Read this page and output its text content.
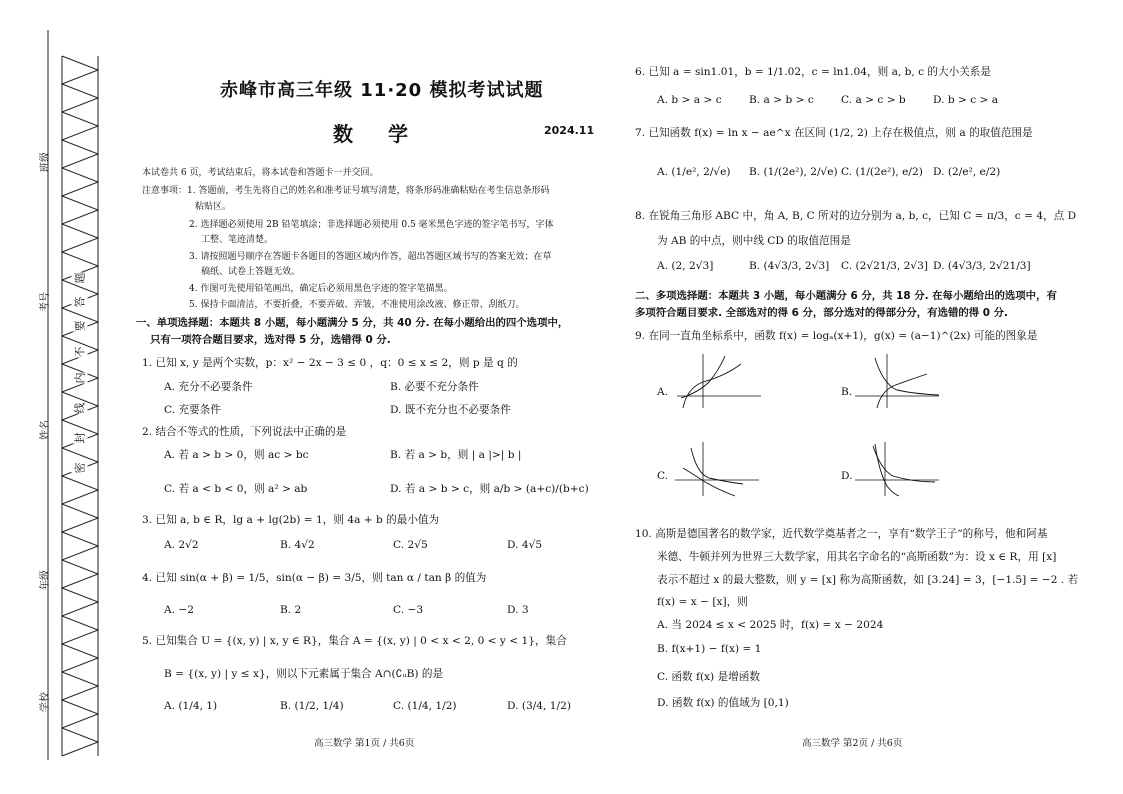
班级
考号
姓名
年级
学校
密
封
线
内
不
要
答
题
赤峰市高三年级 11·20 模拟考试试题
数 学	2024.11
本试卷共 6 页，考试结束后，将本试卷和答题卡一并交回。
注意事项：1. 答题前，考生先将自己的姓名和准考证号填写清楚，将条形码准确粘贴在考生信息条形码
粘贴区。
2. 选择题必须使用 2B 铅笔填涂；非选择题必须使用 0.5 毫米黑色字迹的签字笔书写，字体
工整、笔迹清楚。
3. 请按照题号顺序在答题卡各题目的答题区域内作答，超出答题区域书写的答案无效；在草
稿纸、试卷上答题无效。
4. 作图可先使用铅笔画出，确定后必须用黑色字迹的签字笔描黑。
5. 保持卡面清洁，不要折叠，不要弄破、弄皱，不准使用涂改液、修正带、刮纸刀。
一、单项选择题：本题共 8 小题，每小题满分 5 分，共 40 分. 在每小题给出的四个选项中，
只有一项符合题目要求，选对得 5 分，选错得 0 分.
1. 已知 x, y 是两个实数，p：x² − 2x − 3 ≤ 0 ，q：0 ≤ x ≤ 2，则 p 是 q 的
A. 充分不必要条件	B. 必要不充分条件
C. 充要条件	D. 既不充分也不必要条件
2. 结合不等式的性质，下列说法中正确的是
A. 若 a > b > 0，则 ac > bc	B. 若 a > b，则 | a |>| b |
C. 若 a < b < 0，则 a² > ab	D. 若 a > b > c，则 a/b > (a+c)/(b+c)
3. 已知 a, b ∈ R，lg a + lg(2b) = 1，则 4a + b 的最小值为
A. 2√2	B. 4√2	C. 2√5	D. 4√5
4. 已知 sin(α + β) = 1/5，sin(α − β) = 3/5，则 tan α / tan β 的值为
A. −2	B. 2	C. −3	D. 3
5. 已知集合 U = {(x, y) | x, y ∈ R}，集合 A = {(x, y) | 0 < x < 2, 0 < y < 1}，集合
B = {(x, y) | y ≤ x}，则以下元素属于集合 A∩(∁ᵤB) 的是
A. (1/4, 1)	B. (1/2, 1/4)	C. (1/4, 1/2)	D. (3/4, 1/2)
高三数学 第1页 / 共6页
6. 已知 a = sin1.01，b = 1/1.02，c = ln1.04，则 a, b, c 的大小关系是
A. b > a > c	B. a > b > c	C. a > c > b	D. b > c > a
7. 已知函数 f(x) = ln x − ae^x 在区间 (1/2, 2) 上存在极值点，则 a 的取值范围是
A. (1/e², 2/√e) B. (1/(2e²), 2/√e) C. (1/(2e²), e/2) D. (2/e², e/2)
8. 在锐角三角形 ABC 中，角 A, B, C 所对的边分别为 a, b, c，已知 C = π/3，c = 4，点 D
为 AB 的中点，则中线 CD 的取值范围是
A. (2, 2√3]	B. (4√3/3, 2√3] C. (2√21/3, 2√3] D. (4√3/3, 2√21/3]
二、多项选择题：本题共 3 小题，每小题满分 6 分，共 18 分. 在每小题给出的选项中，有
多项符合题目要求. 全部选对的得 6 分，部分选对的得部分分，有选错的得 0 分.
9. 在同一直角坐标系中，函数 f(x) = logₐ(x+1)，g(x) = (a−1)^(2x) 可能的图象是
A.	B.
C.	D.
10. 高斯是德国著名的数学家，近代数学奠基者之一，享有“数学王子”的称号，他和阿基
米德、牛顿并列为世界三大数学家，用其名字命名的“高斯函数”为：设 x ∈ R，用 [x]
表示不超过 x 的最大整数，则 y = [x] 称为高斯函数，如 [3.24] = 3，[−1.5] = −2 . 若
f(x) = x − [x]，则
A. 当 2024 ≤ x < 2025 时，f(x) = x − 2024
B. f(x+1) − f(x) = 1
C. 函数 f(x) 是增函数
D. 函数 f(x) 的值域为 [0,1)
高三数学 第2页 / 共6页
